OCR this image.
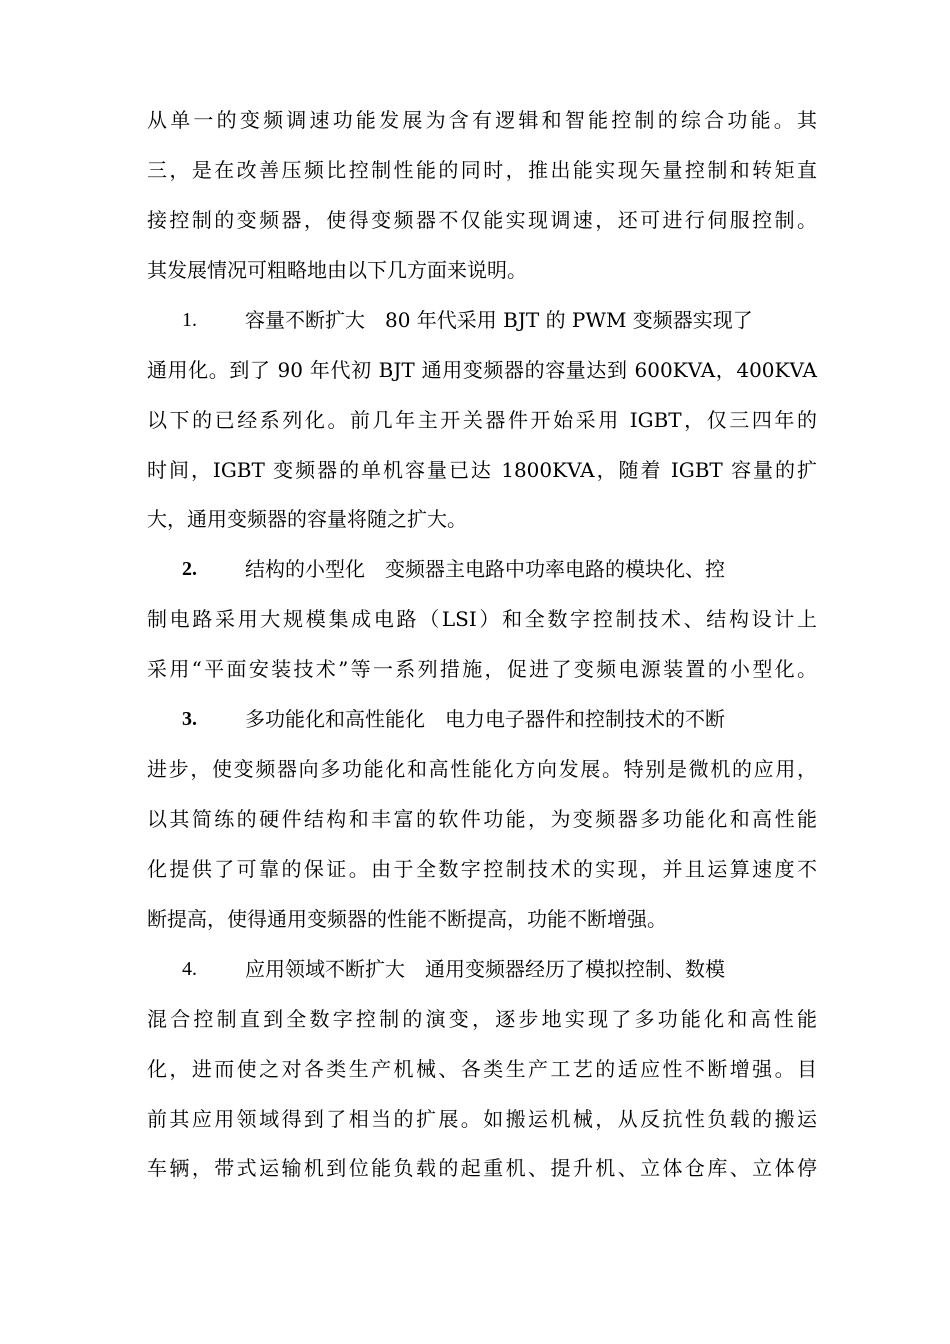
从单一的变频调速功能发展为含有逻辑和智能控制的综合功能。其
三，是在改善压频比控制性能的同时，推出能实现矢量控制和转矩直
接控制的变频器，使得变频器不仅能实现调速，还可进行伺服控制。
其发展情况可粗略地由以下几方面来说明。
1. 容量不断扩大　80 年代采用 BJT 的 PWM 变频器实现了
通用化。到了 90 年代初 BJT 通用变频器的容量达到 600KVA，400KVA
以下的已经系列化。前几年主开关器件开始采用 IGBT，仅三四年的
时间，IGBT 变频器的单机容量已达 1800KVA，随着 IGBT 容量的扩
大，通用变频器的容量将随之扩大。
2. 结构的小型化　变频器主电路中功率电路的模块化、控
制电路采用大规模集成电路（LSI）和全数字控制技术、结构设计上
采用“平面安装技术”等一系列措施，促进了变频电源装置的小型化。
3. 多功能化和高性能化　电力电子器件和控制技术的不断
进步，使变频器向多功能化和高性能化方向发展。特别是微机的应用，
以其简练的硬件结构和丰富的软件功能，为变频器多功能化和高性能
化提供了可靠的保证。由于全数字控制技术的实现，并且运算速度不
断提高，使得通用变频器的性能不断提高，功能不断增强。
4. 应用领域不断扩大　通用变频器经历了模拟控制、数模
混合控制直到全数字控制的演变，逐步地实现了多功能化和高性能
化，进而使之对各类生产机械、各类生产工艺的适应性不断增强。目
前其应用领域得到了相当的扩展。如搬运机械，从反抗性负载的搬运
车辆，带式运输机到位能负载的起重机、提升机、立体仓库、立体停
